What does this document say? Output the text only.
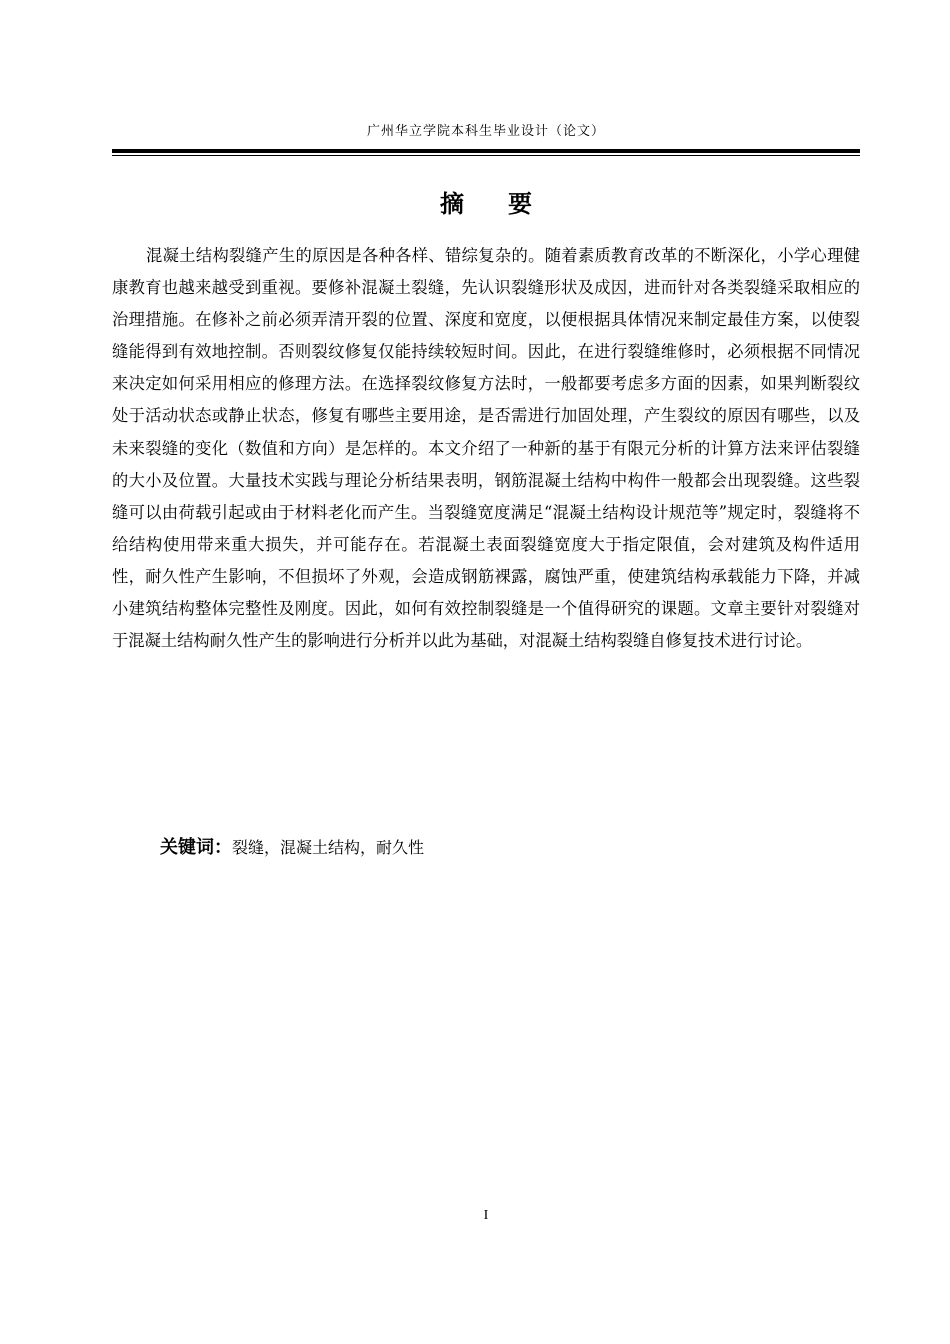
广州华立学院本科生毕业设计（论文）
摘要

混凝土结构裂缝产生的原因是各种各样、错综复杂的。随着素质教育改革的不断深化，小学心理健康教育也越来越受到重视。要修补混凝土裂缝，先认识裂缝形状及成因，进而针对各类裂缝采取相应的治理措施。在修补之前必须弄清开裂的位置、深度和宽度，以便根据具体情况来制定最佳方案，以使裂缝能得到有效地控制。否则裂纹修复仅能持续较短时间。因此，在进行裂缝维修时，必须根据不同情况来决定如何采用相应的修理方法。在选择裂纹修复方法时，一般都要考虑多方面的因素，如果判断裂纹处于活动状态或静止状态，修复有哪些主要用途，是否需进行加固处理，产生裂纹的原因有哪些，以及未来裂缝的变化（数值和方向）是怎样的。本文介绍了一种新的基于有限元分析的计算方法来评估裂缝的大小及位置。大量技术实践与理论分析结果表明，钢筋混凝土结构中构件一般都会出现裂缝。这些裂缝可以由荷载引起或由于材料老化而产生。当裂缝宽度满足“混凝土结构设计规范等”规定时，裂缝将不给结构使用带来重大损失，并可能存在。若混凝土表面裂缝宽度大于指定限值，会对建筑及构件适用性，耐久性产生影响，不但损坏了外观，会造成钢筋裸露，腐蚀严重，使建筑结构承载能力下降，并减小建筑结构整体完整性及刚度。因此，如何有效控制裂缝是一个值得研究的课题。文章主要针对裂缝对于混凝土结构耐久性产生的影响进行分析并以此为基础，对混凝土结构裂缝自修复技术进行讨论。

关键词：裂缝，混凝土结构，耐久性
I
